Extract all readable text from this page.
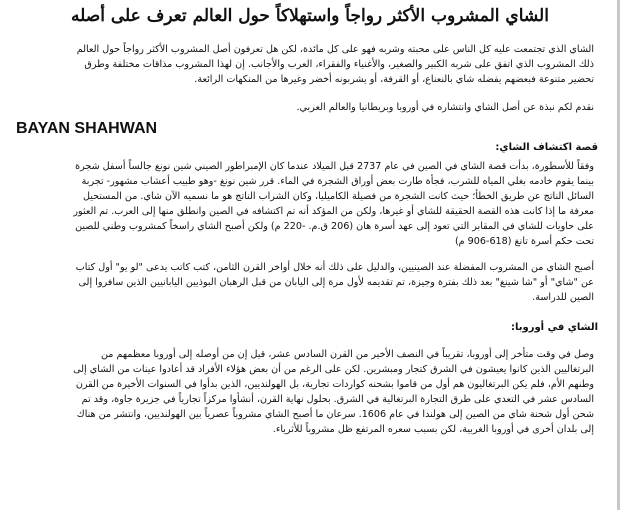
الشاي المشروب الأكثر رواجاً واستهلاكاً حول العالم تعرف على أصله
الشاي الذي تجتمعت عليه كل الناس على محبته وشربه فهو على كل مائدة، لكن هل تعرفون أصل المشروب الأكثر رواجاً حول العالم
ذلك المشروب الذي اتفق على شربه الكبير والصغير، والأغنياء والفقراء، العرب والأجانب. إن لهذا المشروب مذاقات مختلفة وطرق
تحضير متنوعة فبعضهم يفضله شاي بالنعناع، أو القرفة، أو يشربونه أخضر وغيرها من المنكهات الرائعة.
نقدم لكم نبذة عن أصل الشاي وانتشاره في أوروبا وبريطانيا والعالم العربي.
BAYAN SHAHWAN
قصة اكتشاف الشاي:
وفقاً للأسطورة، بدأت قصة الشاي في الصين في عام 2737 قبل الميلاد عندما كان الإمبراطور الصيني شين نونغ جالساً أسفل شجرة
بينما يقوم خادمه بغلي المياه للشرب، فجأة طارت بعض أوراق الشجرة في الماء. قرر شين نونغ -وهو طبيب أعشاب مشهور- تجربة
السائل الناتج عن طريق الخطأ؛ حيث كانت الشجرة من فصيلة الكاميليا، وكان الشراب الناتج هو ما نسميه الآن شاي. من المستحيل
معرفة ما إذا كانت هذه القصة الحقيقة للشاي أو غيرها، ولكن من المؤكد أنه تم اكتشافه في الصين وانطلق منها إلى العرب. تم العثور
على حاويات للشاي في المقابر التي تعود إلى عهد أسرة هان (206 ق.م. -220 م) ولكن أصبح الشاي راسخاً كمشروب وطني للصين
تحت حكم أسرة تانغ (618-906 م)
أصبح الشاي من المشروب المفضلة عند الصينيين، والدليل على ذلك أنه خلال أواخر القرن الثامن، كتب كاتب يدعى "لو يو" أول كتاب
عن "شاي" أو "شا شينغ" بعد ذلك بفترة وجيزة، تم تقديمه لأول مرة إلى اليابان من قبل الرهبان البوذيين اليابانيين الذين سافروا إلى
الصين للدراسة.
الشاي في أوروبا:
وصل في وقت متأخر إلى أوروبا، تقريباً في النصف الأخير من القرن السادس عشر، قيل إن من أوصله إلى أوروبا معظمهم من
البرتغاليين الذين كانوا يعيشون في الشرق كتجار ومبشرين. لكن على الرغم من أن بعض هؤلاء الأفراد قد أعادوا عينات من الشاي إلى
وطنهم الأم، فلم يكن البرتغاليون هم أول من قاموا بشحنه كواردات تجارية، بل الهولنديين، الذين بدأوا في السنوات الأخيرة من القرن
السادس عشر في التعدي على طرق التجارة البرتغالية في الشرق. بحلول نهاية القرن، أنشأوا مركزاً تجارياً في جزيرة جاوة، وقد تم
شحن أول شحنة شاي من الصين إلى هولندا في عام 1606. سرعان ما أصبح الشاي مشروباً عصرياً بين الهولنديين، وانتشر من هناك
إلى بلدان أخرى في أوروبا الغربية، لكن بسبب سعره المرتفع ظل مشروباً للأثرياء.
